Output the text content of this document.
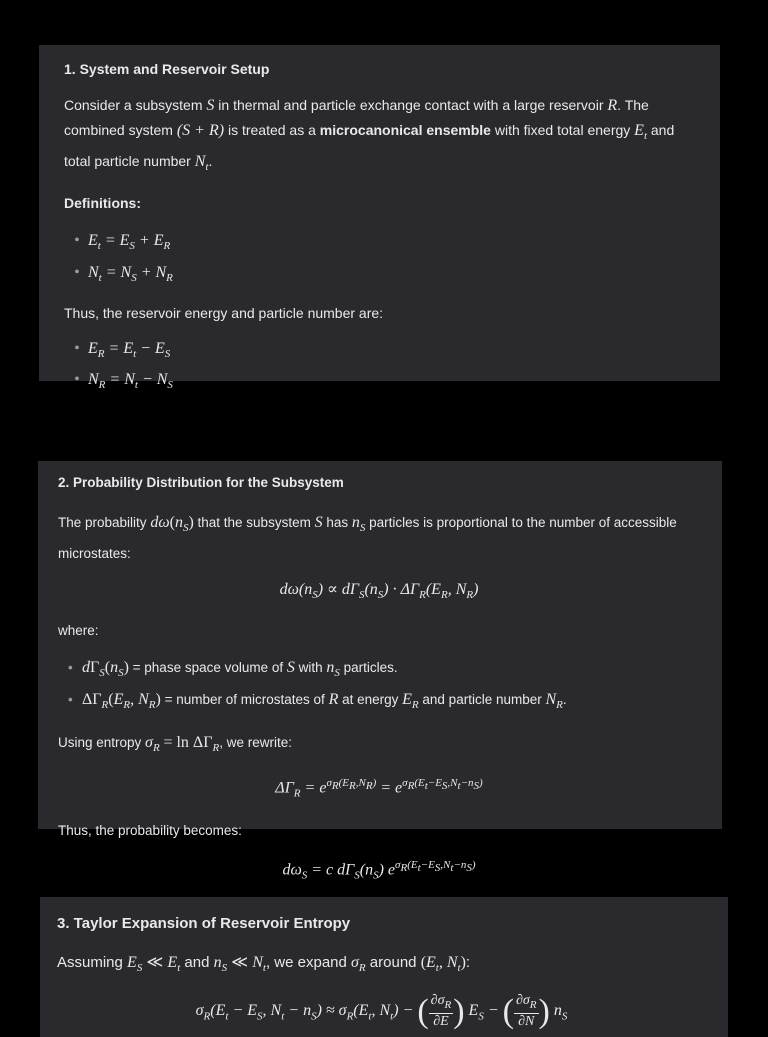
1. System and Reservoir Setup

Consider a subsystem S in thermal and particle exchange contact with a large reservoir R. The combined system (S + R) is treated as a microcanonical ensemble with fixed total energy $E_t$ and total particle number $N_t$.

Definitions:

• $E_t = E_S + E_R$
• $N_t = N_S + N_R$

Thus, the reservoir energy and particle number are:

• $E_R = E_t - E_S$
• $N_R = N_t - N_S$
2. Probability Distribution for the Subsystem

The probability $d\omega(n_S)$ that the subsystem S has $n_S$ particles is proportional to the number of accessible microstates:

$d\omega(n_S) \propto d\Gamma_S(n_S) \cdot \Delta\Gamma_R(E_R$, $N_R$)

where:

• $d\Gamma_S(n_S)$ = phase space volume of S with $n_S$ particles.
• $\Delta\Gamma_R(E_R$, $N_R$) = number of microstates of R at energy $E_R$ and particle number $N_R$.

Using entropy $\sigma_R = \ln \Delta\Gamma_R$, we rewrite:

$\Delta\Gamma_R = e^{\sigma_R(E_R,N_R)} = e^{\sigma_R(E_t-E_S,N_t-n_S)}$

Thus, the probability becomes:

$d\omega_S = c$ $d\Gamma_S(n_S)$ $e^{\sigma_R(E_t-E_S,N_t-n_S)}$
3. Taylor Expansion of Reservoir Entropy

Assuming $E_S$ ≪ $E_t$ and $n_S$ ≪ $N_t$, we expand $\sigma_R$ around ($E_t$, $N_t$):

$\sigma_R(E_t - E_S$, $N_t - n_S) \approx \sigma_R(E_t$, $N_t$) − ( $\frac{\partial\sigma_R}{\partial E}$ ) $E_S$ − ( $\frac{\partial\sigma_R}{\partial N}$ ) $n_S$
